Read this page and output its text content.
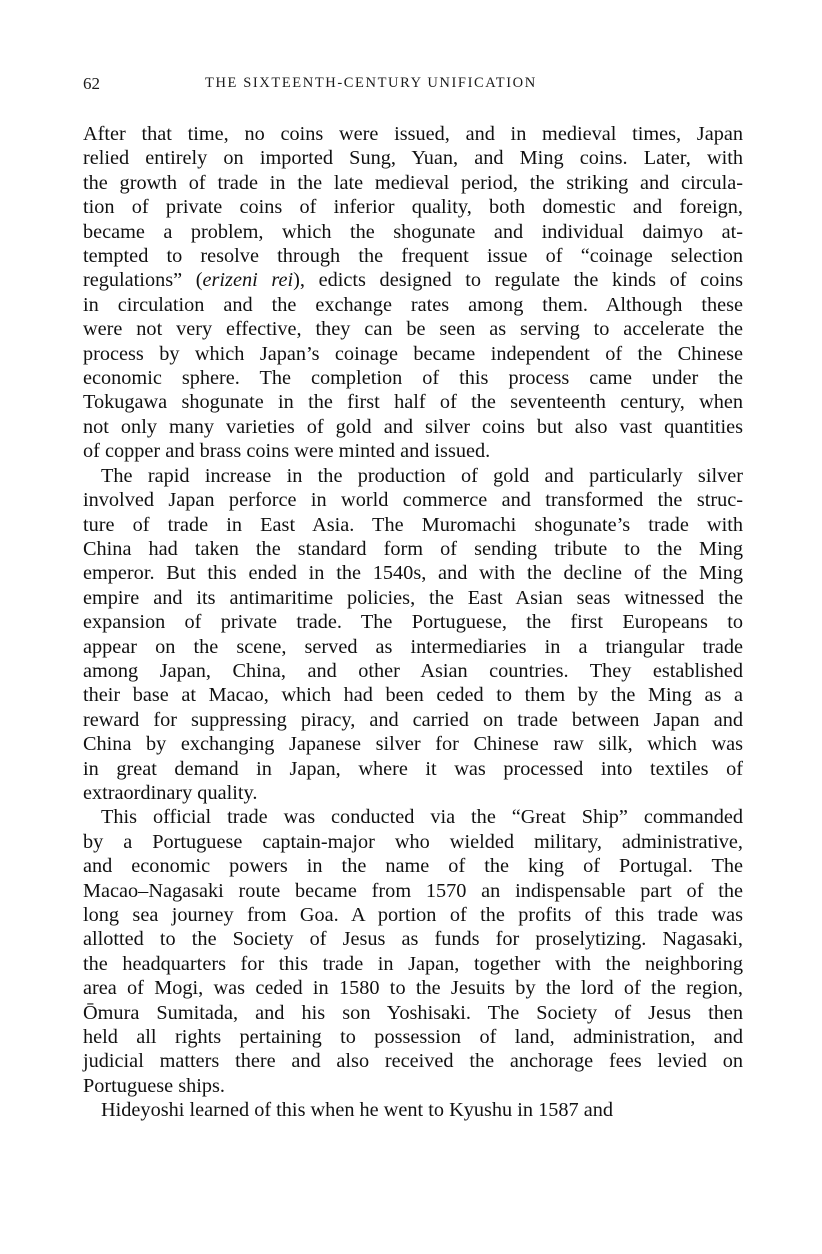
62	THE SIXTEENTH-CENTURY UNIFICATION
After that time, no coins were issued, and in medieval times, Japan
relied entirely on imported Sung, Yuan, and Ming coins. Later, with
the growth of trade in the late medieval period, the striking and circula-
tion of private coins of inferior quality, both domestic and foreign,
became a problem, which the shogunate and individual daimyo at-
tempted to resolve through the frequent issue of “coinage selection
regulations” (erizeni rei), edicts designed to regulate the kinds of coins
in circulation and the exchange rates among them. Although these
were not very effective, they can be seen as serving to accelerate the
process by which Japan’s coinage became independent of the Chinese
economic sphere. The completion of this process came under the
Tokugawa shogunate in the first half of the seventeenth century, when
not only many varieties of gold and silver coins but also vast quantities
of copper and brass coins were minted and issued.
The rapid increase in the production of gold and particularly silver
involved Japan perforce in world commerce and transformed the struc-
ture of trade in East Asia. The Muromachi shogunate’s trade with
China had taken the standard form of sending tribute to the Ming
emperor. But this ended in the 1540s, and with the decline of the Ming
empire and its antimaritime policies, the East Asian seas witnessed the
expansion of private trade. The Portuguese, the first Europeans to
appear on the scene, served as intermediaries in a triangular trade
among Japan, China, and other Asian countries. They established
their base at Macao, which had been ceded to them by the Ming as a
reward for suppressing piracy, and carried on trade between Japan and
China by exchanging Japanese silver for Chinese raw silk, which was
in great demand in Japan, where it was processed into textiles of
extraordinary quality.
This official trade was conducted via the “Great Ship” commanded
by a Portuguese captain-major who wielded military, administrative,
and economic powers in the name of the king of Portugal. The
Macao–Nagasaki route became from 1570 an indispensable part of the
long sea journey from Goa. A portion of the profits of this trade was
allotted to the Society of Jesus as funds for proselytizing. Nagasaki,
the headquarters for this trade in Japan, together with the neighboring
area of Mogi, was ceded in 1580 to the Jesuits by the lord of the region,
Ōmura Sumitada, and his son Yoshisaki. The Society of Jesus then
held all rights pertaining to possession of land, administration, and
judicial matters there and also received the anchorage fees levied on
Portuguese ships.
Hideyoshi learned of this when he went to Kyushu in 1587 and
